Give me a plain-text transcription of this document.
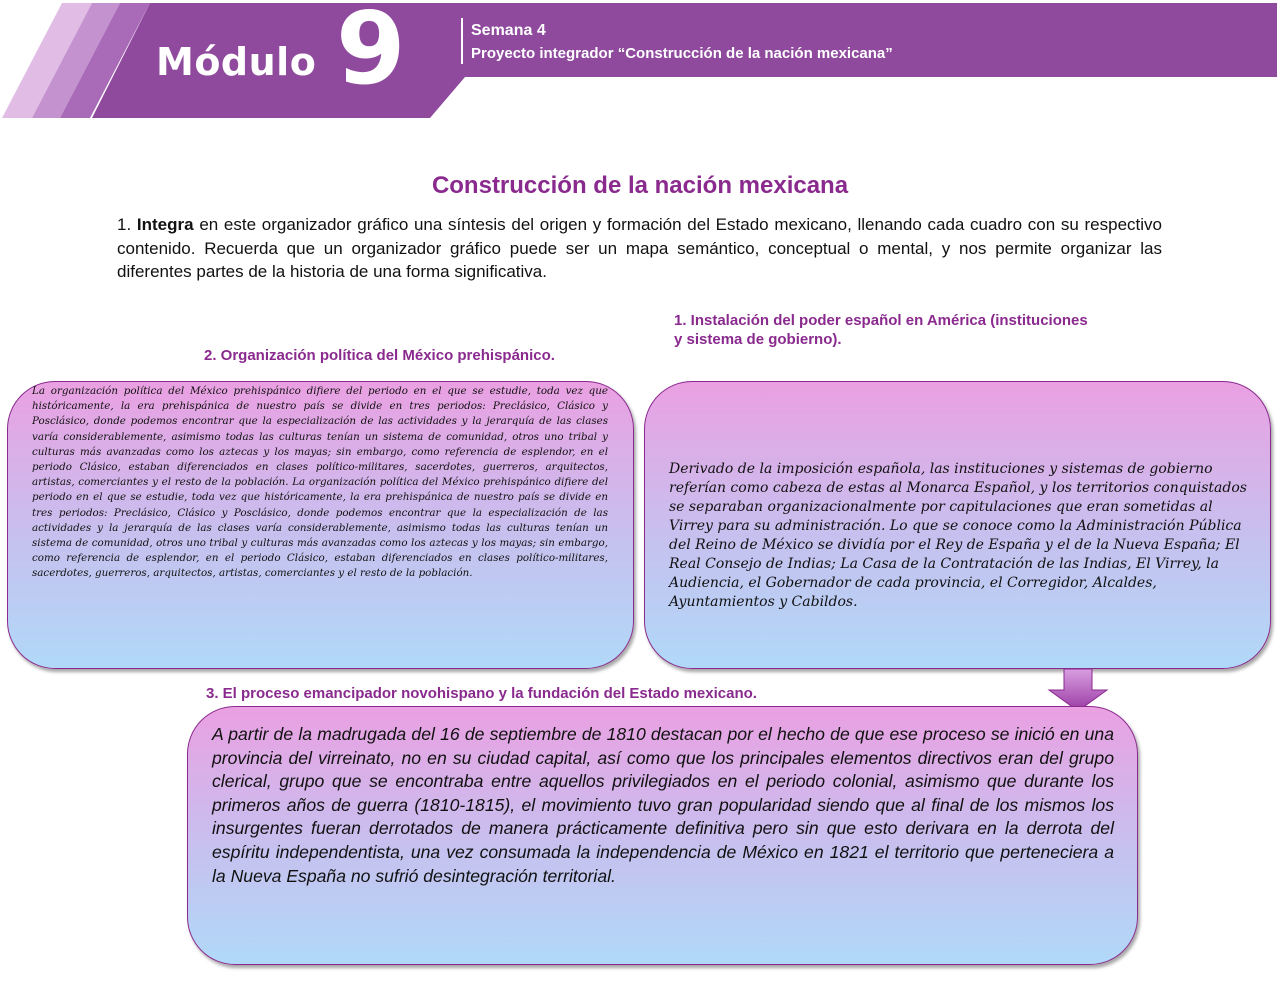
Módulo 9	Semana 4
Proyecto integrador “Construcción de la nación mexicana”
Construcción de la nación mexicana

1. Integra en este organizador gráfico una síntesis del origen y formación del Estado mexicano, llenando cada cuadro con su respectivo contenido. Recuerda que un organizador gráfico puede ser un mapa semántico, conceptual o mental, y nos permite organizar las diferentes partes de la historia de una forma significativa.

1. Instalación del poder español en América (instituciones
y sistema de gobierno).
2. Organización política del México prehispánico.

La organización política del México prehispánico difiere del periodo en el que se estudie, toda vez que históricamente, la era prehispánica de nuestro país se divide en tres periodos: Preclásico, Clásico y Posclásico, donde podemos encontrar que la especialización de las actividades y la jerarquía de las clases varía considerablemente, asimismo todas las culturas tenían un sistema de comunidad, otros uno tribal y culturas más avanzadas como los aztecas y los mayas; sin embargo, como referencia de esplendor, en el periodo Clásico, estaban diferenciados en clases político-militares, sacerdotes, guerreros, arquitectos, artistas, comerciantes y el resto de la población. La organización política del México prehispánico difiere del periodo en el que se estudie, toda vez que históricamente, la era prehispánica de nuestro país se divide en tres periodos: Preclásico, Clásico y Posclásico, donde podemos encontrar que la especialización de las actividades y la jerarquía de las clases varía considerablemente, asimismo todas las culturas tenían un sistema de comunidad, otros uno tribal y culturas más avanzadas como los aztecas y los mayas; sin embargo, como referencia de esplendor, en el periodo Clásico, estaban diferenciados en clases político-militares, sacerdotes, guerreros, arquitectos, artistas, comerciantes y el resto de la población.

Derivado de la imposición española, las instituciones y sistemas de gobierno referían como cabeza de estas al Monarca Español, y los territorios conquistados se separaban organizacionalmente por capitulaciones que eran sometidas al Virrey para su administración. Lo que se conoce como la Administración Pública del Reino de México se dividía por el Rey de España y el de la Nueva España; El Real Consejo de Indias; La Casa de la Contratación de las Indias, El Virrey, la Audiencia, el Gobernador de cada provincia, el Corregidor, Alcaldes, Ayuntamientos y Cabildos.

3. El proceso emancipador novohispano y la fundación del Estado mexicano.

A partir de la madrugada del 16 de septiembre de 1810 destacan por el hecho de que ese proceso se inició en una provincia del virreinato, no en su ciudad capital, así como que los principales elementos directivos eran del grupo clerical, grupo que se encontraba entre aquellos privilegiados en el periodo colonial, asimismo que durante los primeros años de guerra (1810-1815), el movimiento tuvo gran popularidad siendo que al final de los mismos los insurgentes fueran derrotados de manera prácticamente definitiva pero sin que esto derivara en la derrota del espíritu independentista, una vez consumada la independencia de México en 1821 el territorio que perteneciera a la Nueva España no sufrió desintegración territorial.
